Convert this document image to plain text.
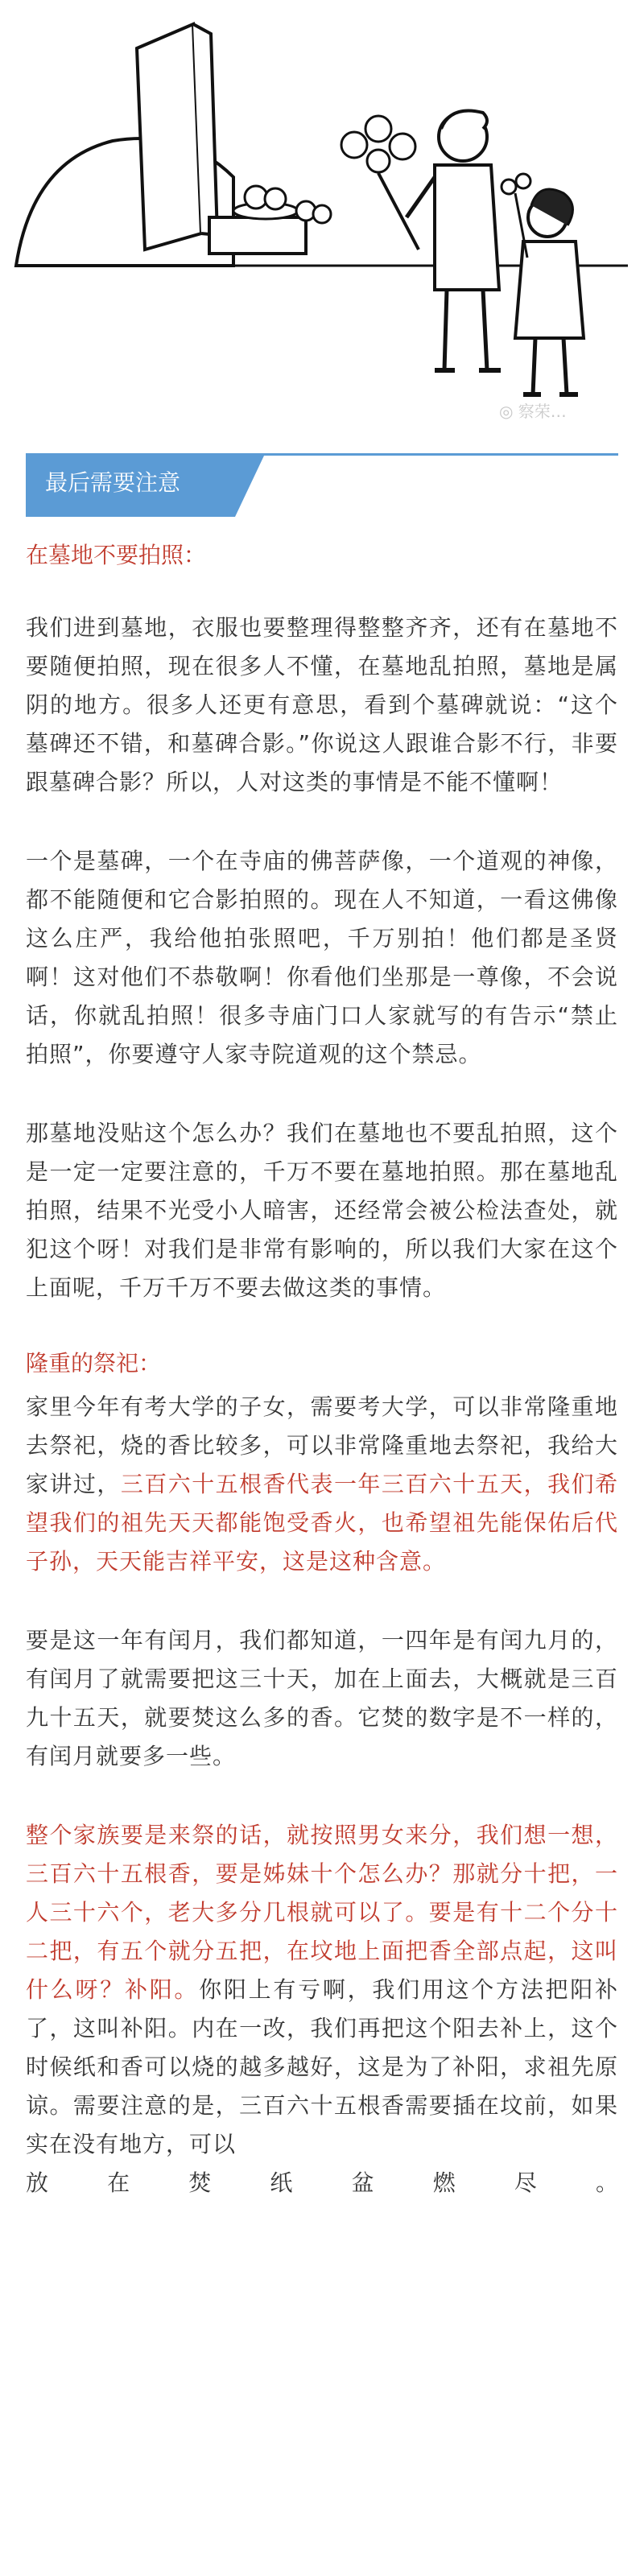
◎ 察荣…
最后需要注意
在墓地不要拍照：

我们进到墓地，衣服也要整理得整整齐齐，还有在墓地不要随便拍照，现在很多人不懂，在墓地乱拍照，墓地是属阴的地方。很多人还更有意思，看到个墓碑就说：“这个墓碑还不错，和墓碑合影。”你说这人跟谁合影不行，非要跟墓碑合影？所以，人对这类的事情是不能不懂啊！

一个是墓碑，一个在寺庙的佛菩萨像，一个道观的神像，都不能随便和它合影拍照的。现在人不知道，一看这佛像这么庄严，我给他拍张照吧，千万别拍！他们都是圣贤啊！这对他们不恭敬啊！你看他们坐那是一尊像，不会说话，你就乱拍照！很多寺庙门口人家就写的有告示“禁止拍照”，你要遵守人家寺院道观的这个禁忌。

那墓地没贴这个怎么办？我们在墓地也不要乱拍照，这个是一定一定要注意的，千万不要在墓地拍照。那在墓地乱拍照，结果不光受小人暗害，还经常会被公检法查处，就犯这个呀！对我们是非常有影响的，所以我们大家在这个上面呢，千万千万不要去做这类的事情。

隆重的祭祀：

家里今年有考大学的子女，需要考大学，可以非常隆重地去祭祀，烧的香比较多，可以非常隆重地去祭祀，我给大家讲过，三百六十五根香代表一年三百六十五天，我们希望我们的祖先天天都能饱受香火，也希望祖先能保佑后代子孙，天天能吉祥平安，这是这种含意。

要是这一年有闰月，我们都知道，一四年是有闰九月的，有闰月了就需要把这三十天，加在上面去，大概就是三百九十五天，就要焚这么多的香。它焚的数字是不一样的，有闰月就要多一些。

整个家族要是来祭的话，就按照男女来分，我们想一想，三百六十五根香，要是姊妹十个怎么办？那就分十把，一人三十六个，老大多分几根就可以了。要是有十二个分十二把，有五个就分五把，在坟地上面把香全部点起，这叫什么呀？补阳。你阳上有亏啊，我们用这个方法把阳补了，这叫补阳。内在一改，我们再把这个阳去补上，这个时候纸和香可以烧的越多越好，这是为了补阳，求祖先原谅。需要注意的是，三百六十五根香需要插在坟前，如果实在没有地方，可以

放	在	焚	纸	盆	燃	尽	。
